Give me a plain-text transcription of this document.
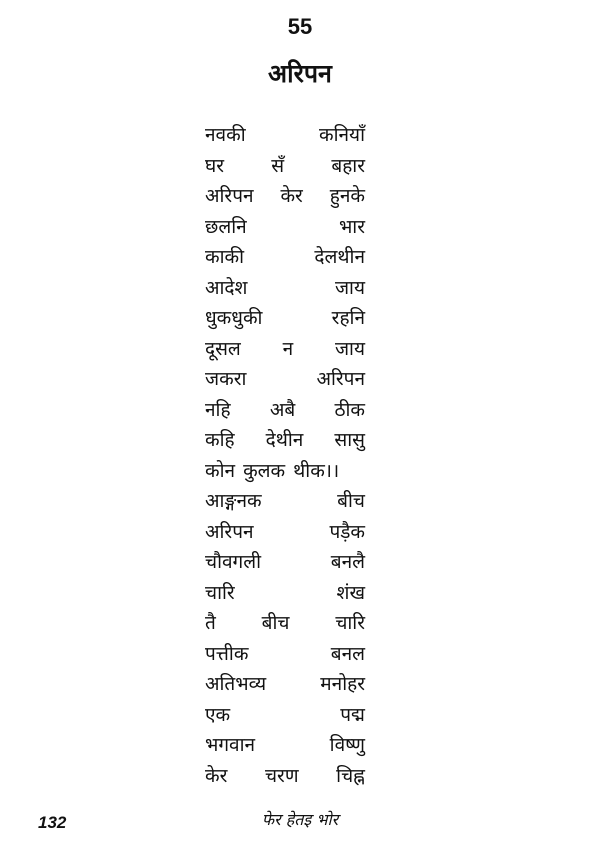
55

अरिपन
नवकी	कनियाँ
घर सँ बहार
अरिपन केर हुनके
छलनि	भार
काकी	देलथीन
आदेश	जाय
धुकधुकी	रहनि
दूसल न जाय
जकरा	अरिपन
नहि अबै ठीक
कहि देथीन सासु
कोन कुलक थीक।।
आङ्गनक	बीच
अरिपन	पड़ैक
चौवगली	बनलै
चारि	शंख
तै बीच चारि
पत्तीक	बनल
अतिभव्य	मनोहर
एक	पद्म
भगवान	विष्णु
केर चरण चिह्न

132	फेर हेतइ भोर
